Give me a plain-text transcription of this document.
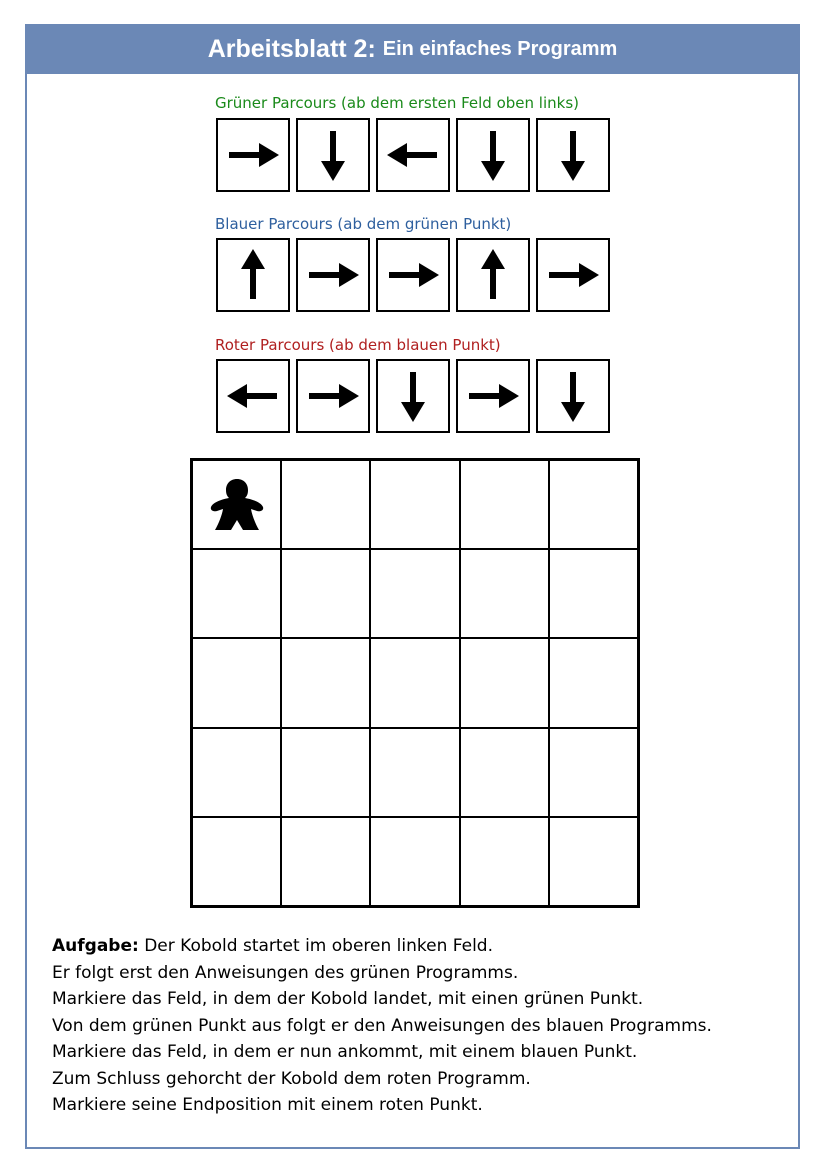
Arbeitsblatt 2: Ein einfaches Programm
Grüner Parcours (ab dem ersten Feld oben links)
Blauer Parcours (ab dem grünen Punkt)
Roter Parcours (ab dem blauen Punkt)
Aufgabe: Der Kobold startet im oberen linken Feld.
Er folgt erst den Anweisungen des grünen Programms.
Markiere das Feld, in dem der Kobold landet, mit einen grünen Punkt.
Von dem grünen Punkt aus folgt er den Anweisungen des blauen Programms.
Markiere das Feld, in dem er nun ankommt, mit einem blauen Punkt.
Zum Schluss gehorcht der Kobold dem roten Programm.
Markiere seine Endposition mit einem roten Punkt.
